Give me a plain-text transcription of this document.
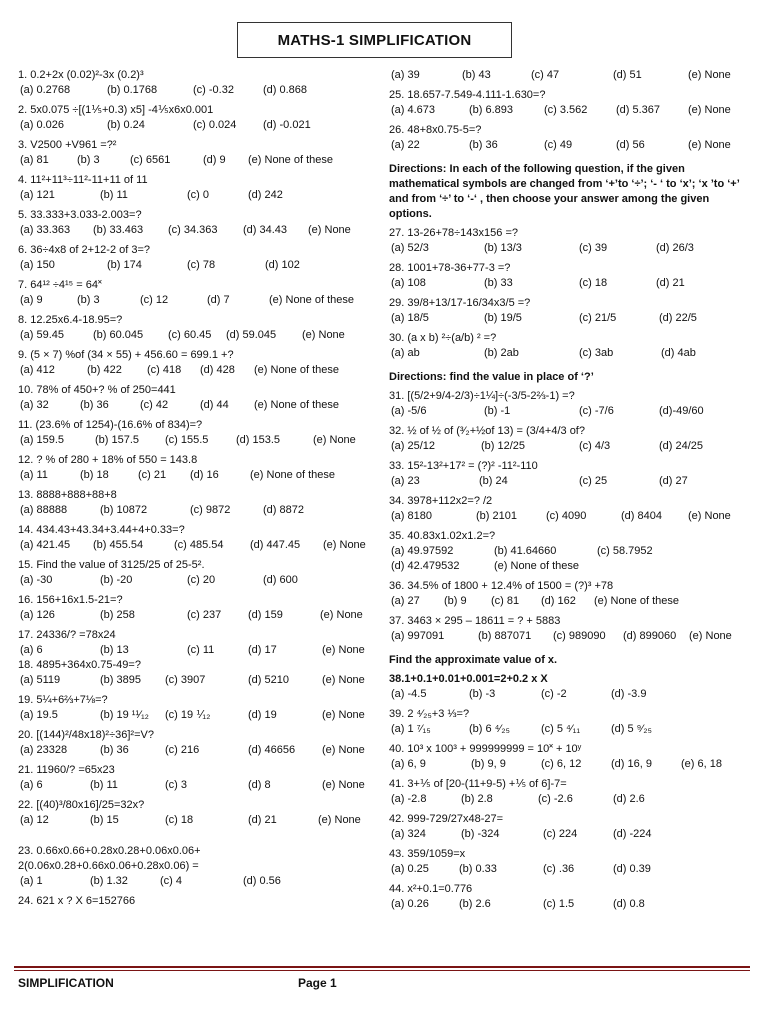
MATHS-1 SIMPLIFICATION
1. 0.2+2x (0.02)²-3x (0.2)³
(a) 0.2768	(b) 0.1768	(c) -0.32	(d) 0.868
2. 5x0.075 ÷[(1⅕+0.3) x5] -4⅕x6x0.001
(a) 0.026	(b) 0.24	(c) 0.024 (d) -0.021
3. V2500 +V961 =?²
(a) 81	(b) 3	(c) 6561	(d) 9 (e) None of these
4. 11²+11³÷11²-11+11 of 11
(a) 121	(b) 11	(c) 0	(d) 242
5. 33.333+3.033-2.003=?
(a) 33.363 (b) 33.463 (c) 34.363 (d) 34.43 (e) None
6. 36÷4x8 of 2+12-2 of 3=?
(a) 150	(b) 174	(c) 78	(d) 102
7. 64¹² ÷4¹⁵ = 64˟
(a) 9	(b) 3	(c) 12	(d) 7	(e) None of these
8. 12.25x6.4-18.95=?
(a) 59.45	(b) 60.045 (c) 60.45 (d) 59.045 (e) None
9. (5 × 7) %of (34 × 55) + 456.60 = 699.1 +?
(a) 412	(b) 422 (c) 418 (d) 428 (e) None of these
10. 78% of 450+? % of 250=441
(a) 32	(b) 36	(c) 42	(d) 44 (e) None of these
11. (23.6% of 1254)-(16.6% of 834)=?
(a) 159.5	(b) 157.5 (c) 155.5	(d) 153.5	(e) None
12. ? % of 280 + 18% of 550 = 143.8
(a) 11	(b) 18	(c) 21 (d) 16	(e) None of these
13. 8888+888+88+8
(a) 88888	(b) 10872	(c) 9872	(d) 8872
14. 434.43+43.34+3.44+4+0.33=?
(a) 421.45 (b) 455.54	(c) 485.54 (d) 447.45 (e) None
15. Find the value of 3125/25 of 25-5².
(a) -30	(b) -20	(c) 20	(d) 600
16. 156+16x1.5-21=?
(a) 126	(b) 258	(c) 237 (d) 159	(e) None
17. 24336/? =78x24
(a) 6	(b) 13	(c) 11	(d) 17	(e) None
18. 4895+364x0.75-49=?
(a) 5119	(b) 3895 (c) 3907	(d) 5210	(e) None
19. 5¼+6⅔+7⅛=?
(a) 19.5	(b) 19 ¹¹⁄₁₂ (c) 19 ⅟₁₂	(d) 19	(e) None
20. [(144)²/48x18)²÷36]²=V?
(a) 23328	(b) 36	(c) 216	(d) 46656 (e) None
21. 11960/? =65x23
(a) 6	(b) 11	(c) 3	(d) 8	(e) None
22. [(40)³/80x16]/25=32x?
(a) 12	(b) 15	(c) 18	(d) 21	(e) None
23. 0.66x0.66+0.28x0.28+0.06x0.06+
2(0.06x0.28+0.66x0.06+0.28x0.06) =
(a) 1	(b) 1.32	(c) 4	(d) 0.56
24. 621 x ? X 6=152766
(a) 39	(b) 43	(c) 47	(d) 51	(e) None
25. 18.657-7.549-4.111-1.630=?
(a) 4.673	(b) 6.893	(c) 3.562	(d) 5.367	(e) None
26. 48+8x0.75-5=?
(a) 22	(b) 36	(c) 49	(d) 56	(e) None
Directions: In each of the following question, if the given mathematical symbols are changed from ‘+’to ‘÷’; ‘- ‘ to ‘x’; ‘x ’to ‘+’ and from ‘÷’ to ‘-‘ , then choose your answer among the given options.
27. 13-26+78÷143x156 =?
(a) 52/3	(b) 13/3	(c) 39	(d) 26/3
28. 1001+78-36+77-3 =?
(a) 108	(b) 33	(c) 18	(d) 21
29. 39/8+13/17-16/34x3/5 =?
(a) 18/5	(b) 19/5	(c) 21/5	(d) 22/5
30. (a x b) ²÷(a/b) ² =?
(a) ab	(b) 2ab	(c) 3ab	(d) 4ab
Directions: find the value in place of ‘?’
31. [(5/2+9/4-2/3)÷1¼]÷(-3/5-2⅔-1) =?
(a) -5/6	(b) -1	(c) -7/6	(d)-49/60
32. ½ of ½ of (³⁄₂+½of 13) = (3/4+4/3 of?
(a) 25/12	(b) 12/25	(c) 4/3	(d) 24/25
33. 15²-13²+17² = (?)² -11²-110
(a) 23	(b) 24	(c) 25	(d) 27
34. 3978+112x2=? /2
(a) 8180	(b) 2101	(c) 4090	(d) 8404 (e) None
35. 40.83x1.02x1.2=?
(a) 49.97592	(b) 41.64660	(c) 58.7952
(d) 42.479532	(e) None of these
36. 34.5% of 1800 + 12.4% of 1500 = (?)³ +78
(a) 27 (b) 9 (c) 81 (d) 162 (e) None of these
37. 3463 × 295 – 18611 = ? + 5883
(a) 997091	(b) 887071 (c) 989090 (d) 899060 (e) None
Find the approximate value of x.
38.1+0.1+0.01+0.001=2+0.2 x X
(a) -4.5	(b) -3	(c) -2	(d) -3.9
39. 2 ⁴⁄₂₅+3 ⅓=?
(a) 1 ⁷⁄₁₅	(b) 6 ⁴⁄₂₅	(c) 5 ⁴⁄₁₁	(d) 5 ⁹⁄₂₅
40. 10³ x 100³ + 999999999 = 10˟ + 10ʸ
(a) 6, 9	(b) 9, 9	(c) 6, 12	(d) 16, 9	(e) 6, 18
41. 3+⅕ of [20-(11+9-5) +⅕ of 6]-7=
(a) -2.8	(b) 2.8	(c) -2.6	(d) 2.6
42. 999-729/27x48-27=
(a) 324	(b) -324	(c) 224	(d) -224
43. 359/1059=x
(a) 0.25	(b) 0.33	(c) .36	(d) 0.39
44. x²+0.1=0.776
(a) 0.26	(b) 2.6	(c) 1.5	(d) 0.8
SIMPLIFICATION	Page 1
